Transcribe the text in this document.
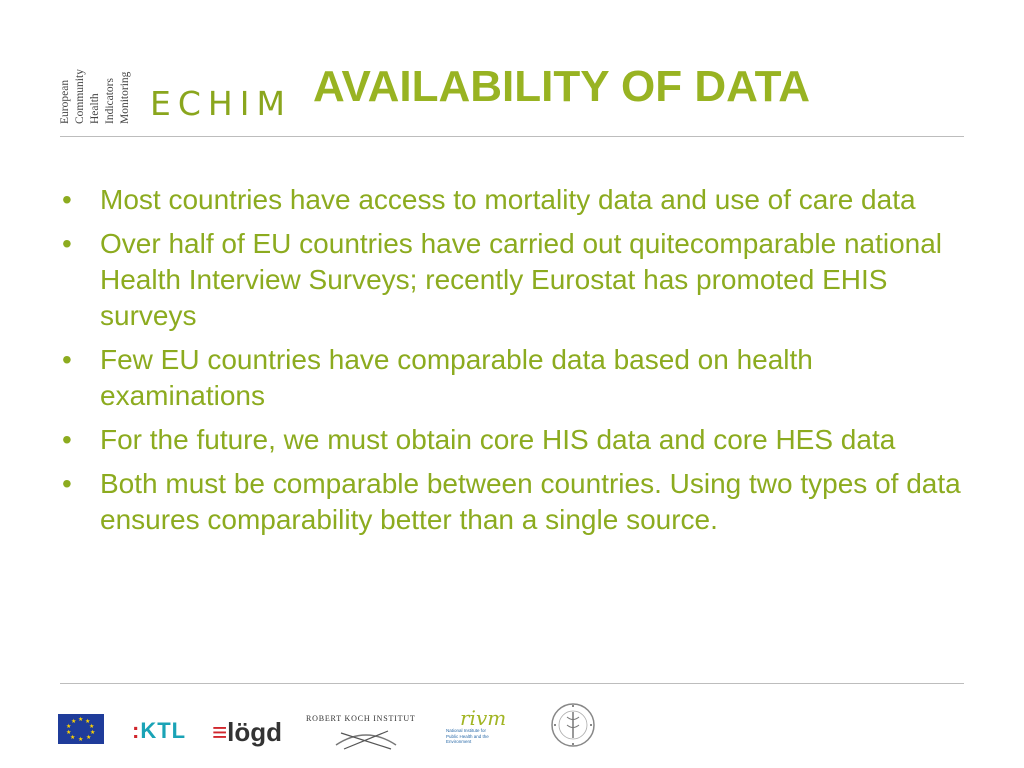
European Community Health Indicators Monitoring ECHIM AVAILABILITY OF DATA
• Most countries have access to mortality data and use of care data
• Over half of EU countries have carried out quitecomparable national Health Interview Surveys; recently Eurostat has promoted EHIS surveys
• Few EU countries have comparable data based on health examinations
• For the future, we must obtain core HIS data and core HES data
• Both must be comparable between countries. Using two types of data ensures comparability better than a single source.
★ ★
★
★
★
★
★
★
★
★	:KTL ≡lögd	ROBERT KOCH INSTITUT	rivm
National Institute for Public Health and the Environment
